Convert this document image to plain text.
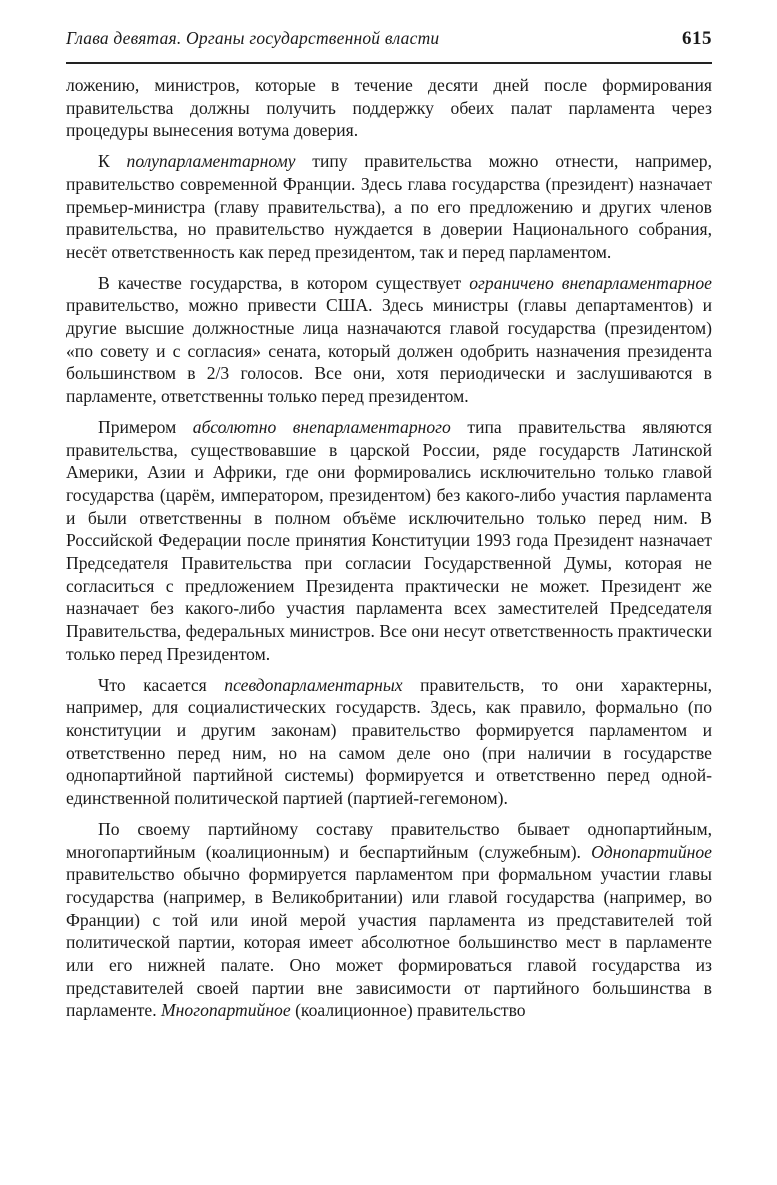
Глава девятая. Органы государственной власти	615

ложению, министров, которые в течение десяти дней после формирования правительства должны получить поддержку обеих палат парламента через процедуры вынесения вотума доверия.

К полупарламентарному типу правительства можно отнести, например, правительство современной Франции. Здесь глава государства (президент) назначает премьер-министра (главу правительства), а по его предложению и других членов правительства, но правительство нуждается в доверии Национального собрания, несёт ответственность как перед президентом, так и перед парламентом.

В качестве государства, в котором существует ограничено внепарламентарное правительство, можно привести США. Здесь министры (главы департаментов) и другие высшие должностные лица назначаются главой государства (президентом) «по совету и с согласия» сената, который должен одобрить назначения президента большинством в 2/3 голосов. Все они, хотя периодически и заслушиваются в парламенте, ответственны только перед президентом.

Примером абсолютно внепарламентарного типа правительства являются правительства, существовавшие в царской России, ряде государств Латинской Америки, Азии и Африки, где они формировались исключительно только главой государства (царём, императором, президентом) без какого-либо участия парламента и были ответственны в полном объёме исключительно только перед ним. В Российской Федерации после принятия Конституции 1993 года Президент назначает Председателя Правительства при согласии Государственной Думы, которая не согласиться с предложением Президента практически не может. Президент же назначает без какого-либо участия парламента всех заместителей Председателя Правительства, федеральных министров. Все они несут ответственность практически только перед Президентом.

Что касается псевдопарламентарных правительств, то они характерны, например, для социалистических государств. Здесь, как правило, формально (по конституции и другим законам) правительство формируется парламентом и ответственно перед ним, но на самом деле оно (при наличии в государстве однопартийной партийной системы) формируется и ответственно перед одной-единственной политической партией (партией-гегемоном).

По своему партийному составу правительство бывает однопартийным, многопартийным (коалиционным) и беспартийным (служебным). Однопартийное правительство обычно формируется парламентом при формальном участии главы государства (например, в Великобритании) или главой государства (например, во Франции) с той или иной мерой участия парламента из представителей той политической партии, которая имеет абсолютное большинство мест в парламенте или его нижней палате. Оно может формироваться главой государства из представителей своей партии вне зависимости от партийного большинства в парламенте. Многопартийное (коалиционное) правительство
